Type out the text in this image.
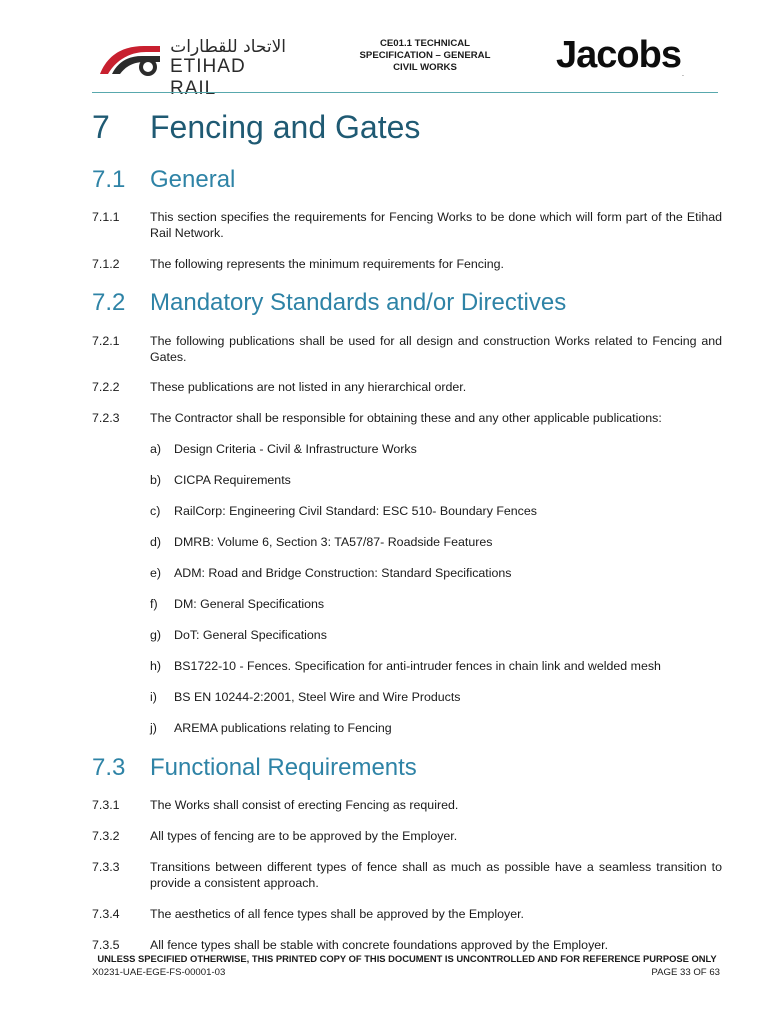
الاتحاد للقطارات
ETIHAD RAIL
CE01.1 TECHNICAL
SPECIFICATION – GENERAL
CIVIL WORKS	Jacobs.
7 Fencing and Gates
7.1 General
7.1.1 This section specifies the requirements for Fencing Works to be done which will form part of the Etihad Rail Network.
7.1.2 The following represents the minimum requirements for Fencing.
7.2 Mandatory Standards and/or Directives
7.2.1 The following publications shall be used for all design and construction Works related to Fencing and Gates.
7.2.2 These publications are not listed in any hierarchical order.
7.2.3 The Contractor shall be responsible for obtaining these and any other applicable publications:
a) Design Criteria - Civil & Infrastructure Works
b) CICPA Requirements
c) RailCorp: Engineering Civil Standard: ESC 510- Boundary Fences
d) DMRB: Volume 6, Section 3: TA57/87- Roadside Features
e) ADM: Road and Bridge Construction: Standard Specifications
f) DM: General Specifications
g) DoT: General Specifications
h) BS1722-10 - Fences. Specification for anti-intruder fences in chain link and welded mesh
i) BS EN 10244-2:2001, Steel Wire and Wire Products
j) AREMA publications relating to Fencing
7.3 Functional Requirements
7.3.1 The Works shall consist of erecting Fencing as required.
7.3.2 All types of fencing are to be approved by the Employer.
7.3.3 Transitions between different types of fence shall as much as possible have a seamless transition to provide a consistent approach.
7.3.4 The aesthetics of all fence types shall be approved by the Employer.
7.3.5 All fence types shall be stable with concrete foundations approved by the Employer.
UNLESS SPECIFIED OTHERWISE, THIS PRINTED COPY OF THIS DOCUMENT IS UNCONTROLLED AND FOR REFERENCE PURPOSE ONLY
X0231-UAE-EGE-FS-00001-03	PAGE 33 OF 63
